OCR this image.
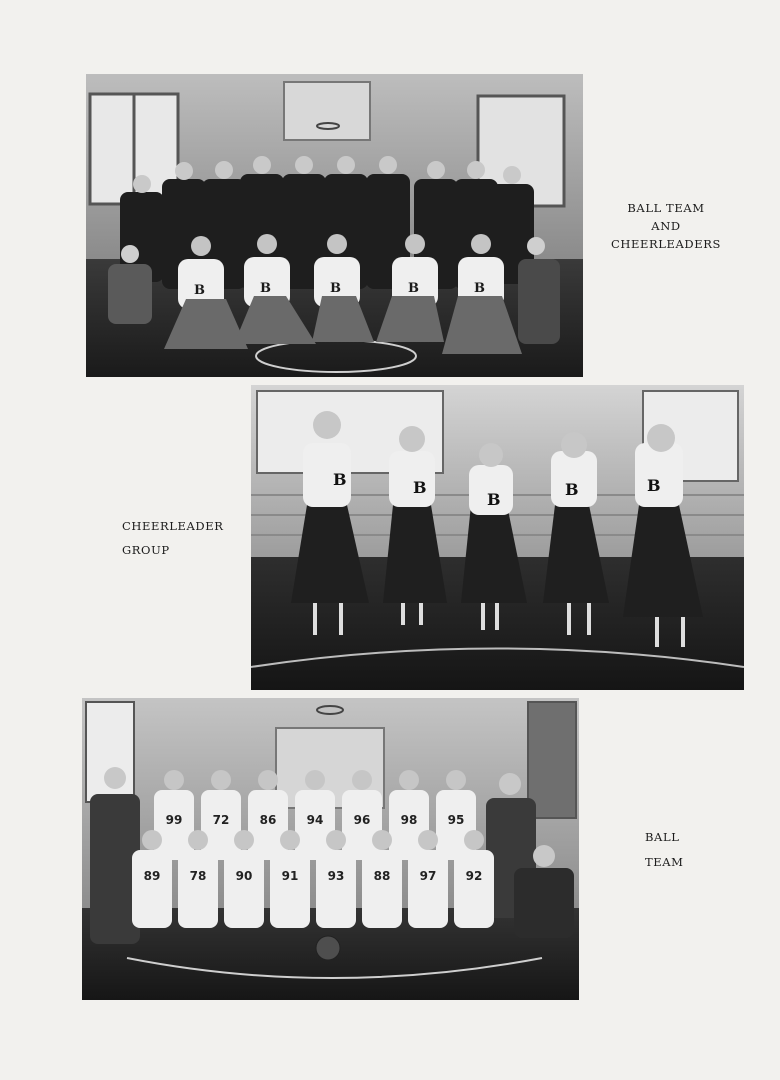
B	B	B	B	B
BALL TEAM
AND
CHEERLEADERS
B	B
B
B	B
CHEERLEADER
GROUP
99	72	86	94	96	98	95
89 78 90 91 93 88 97 92
BALL
TEAM
